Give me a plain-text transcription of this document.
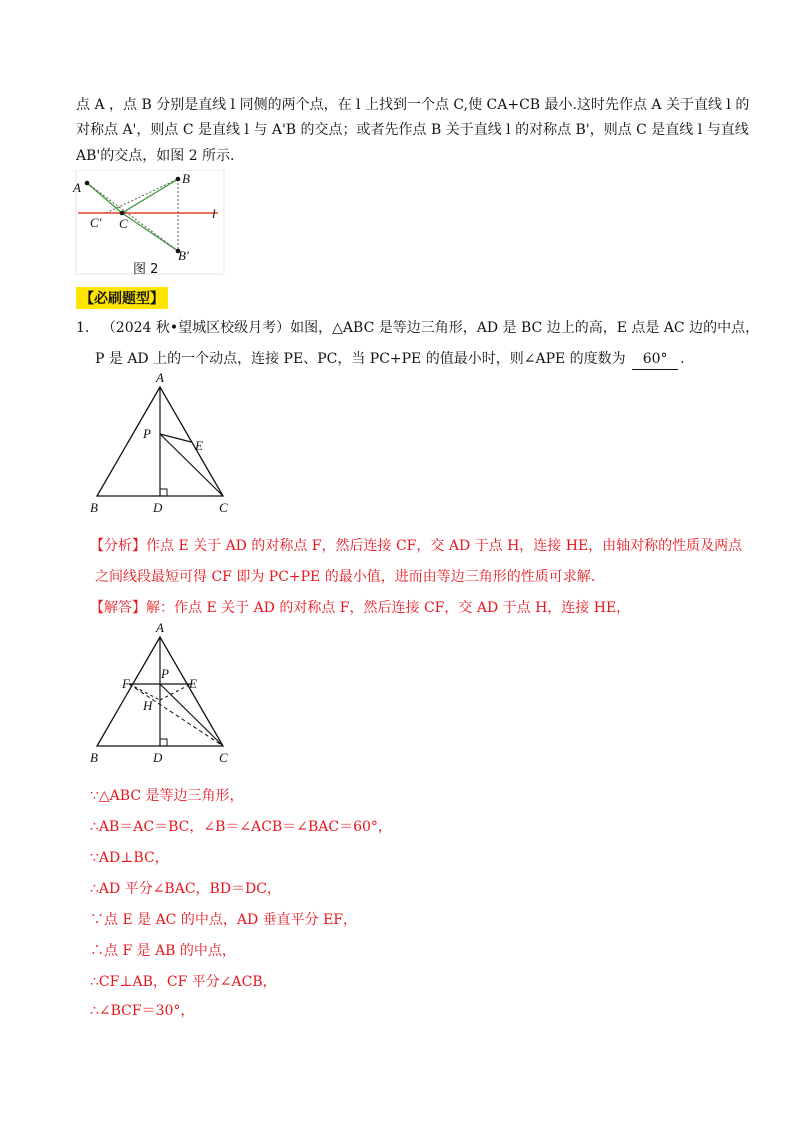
点 A ，点 B 分别是直线 l 同侧的两个点，在 l 上找到一个点 C,使 CA+CB 最小.这时先作点 A 关于直线 l 的
对称点 A'，则点 C 是直线 l 与 A'B 的交点；或者先作点 B 关于直线 l 的对称点 B'，则点 C 是直线 l 与直线
AB'的交点，如图 2 所示.
A
B
C' C
l
B'
图 2
【必刷题型】
1. （2024 秋•望城区校级月考）如图，△ABC 是等边三角形，AD 是 BC 边上的高，E 点是 AC 边的中点，
P 是 AD 上的一个动点，连接 PE、PC，当 PC+PE 的值最小时，则∠APE 的度数为 60° .
A
P
E
B	D	C
【分析】作点 E 关于 AD 的对称点 F，然后连接 CF，交 AD 于点 H，连接 HE，由轴对称的性质及两点
之间线段最短可得 CF 即为 PC+PE 的最小值，进而由等边三角形的性质可求解.
【解答】解：作点 E 关于 AD 的对称点 F，然后连接 CF，交 AD 于点 H，连接 HE，
A
P
F	E
H
B	D	C
∵△ABC 是等边三角形，
∴AB＝AC＝BC，∠B＝∠ACB＝∠BAC＝60°，
∵AD⊥BC，
∴AD 平分∠BAC，BD＝DC，
∵点 E 是 AC 的中点，AD 垂直平分 EF，
∴点 F 是 AB 的中点，
∴CF⊥AB，CF 平分∠ACB，
∴∠BCF＝30°，
